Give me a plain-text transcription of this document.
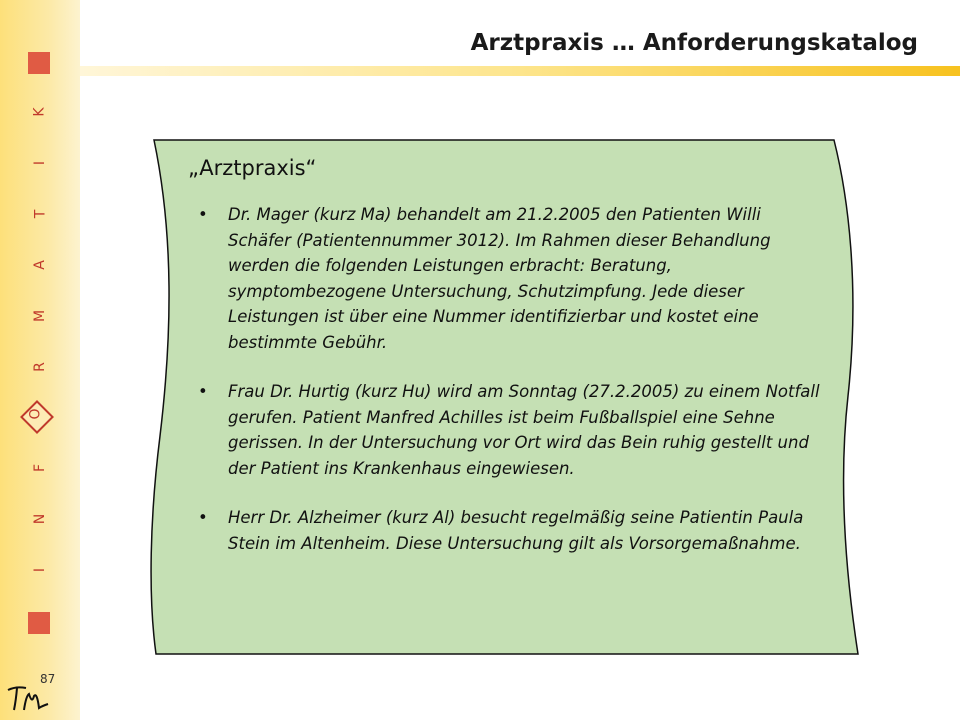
K
I
T
A
M
R
O
F
N
I
87
Arztpraxis … Anforderungskatalog
„Arztpraxis“
• Dr. Mager (kurz Ma) behandelt am 21.2.2005 den Patienten Willi Schäfer (Patientennummer 3012). Im Rahmen dieser Behandlung werden die folgenden Leistungen erbracht: Beratung, symptombezogene Untersuchung, Schutzimpfung. Jede dieser Leistungen ist über eine Nummer identifizierbar und kostet eine bestimmte Gebühr.
• Frau Dr. Hurtig (kurz Hu) wird am Sonntag (27.2.2005) zu einem Notfall gerufen. Patient Manfred Achilles ist beim Fußballspiel eine Sehne gerissen. In der Untersuchung vor Ort wird das Bein ruhig gestellt und der Patient ins Krankenhaus eingewiesen.
• Herr Dr. Alzheimer (kurz Al) besucht regelmäßig seine Patientin Paula Stein im Altenheim. Diese Untersuchung gilt als Vorsorgemaßnahme.
